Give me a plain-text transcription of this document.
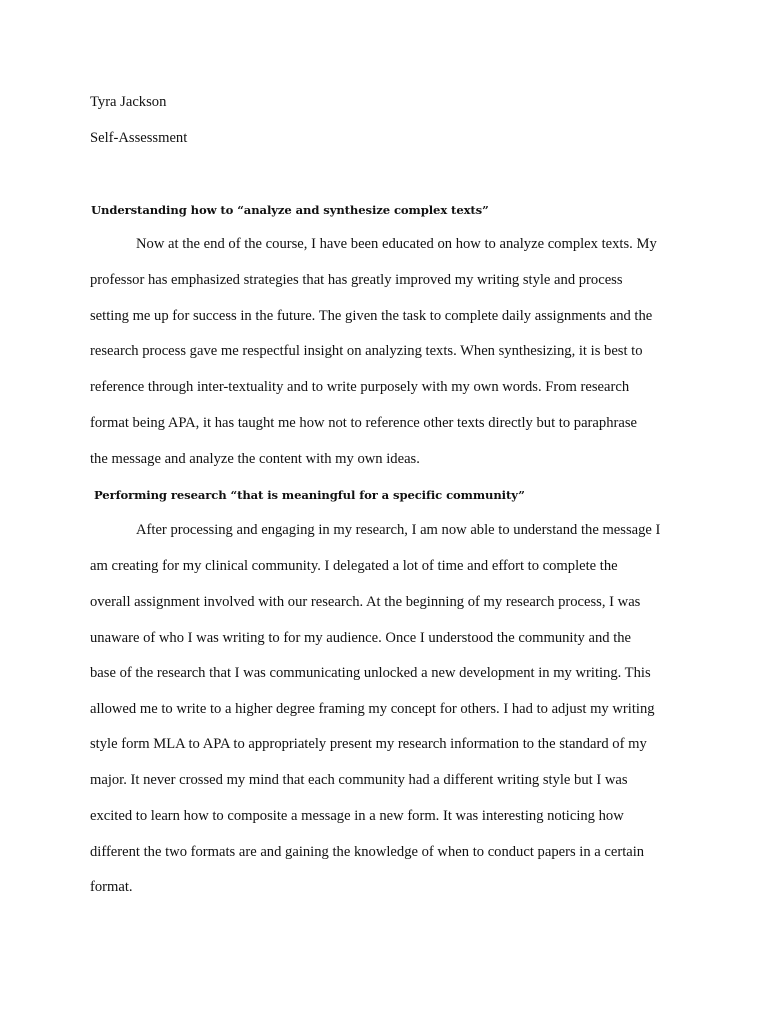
Tyra Jackson

Self-Assessment

Understanding how to “analyze and synthesize complex texts”

Now at the end of the course, I have been educated on how to analyze complex texts. My

professor has emphasized strategies that has greatly improved my writing style and process

setting me up for success in the future. The given the task to complete daily assignments and the

research process gave me respectful insight on analyzing texts. When synthesizing, it is best to

reference through inter-textuality and to write purposely with my own words. From research

format being APA, it has taught me how not to reference other texts directly but to paraphrase

the message and analyze the content with my own ideas.

Performing research “that is meaningful for a specific community”

After processing and engaging in my research, I am now able to understand the message I

am creating for my clinical community. I delegated a lot of time and effort to complete the

overall assignment involved with our research. At the beginning of my research process, I was

unaware of who I was writing to for my audience. Once I understood the community and the

base of the research that I was communicating unlocked a new development in my writing. This

allowed me to write to a higher degree framing my concept for others. I had to adjust my writing

style form MLA to APA to appropriately present my research information to the standard of my

major. It never crossed my mind that each community had a different writing style but I was

excited to learn how to composite a message in a new form. It was interesting noticing how

different the two formats are and gaining the knowledge of when to conduct papers in a certain

format.
